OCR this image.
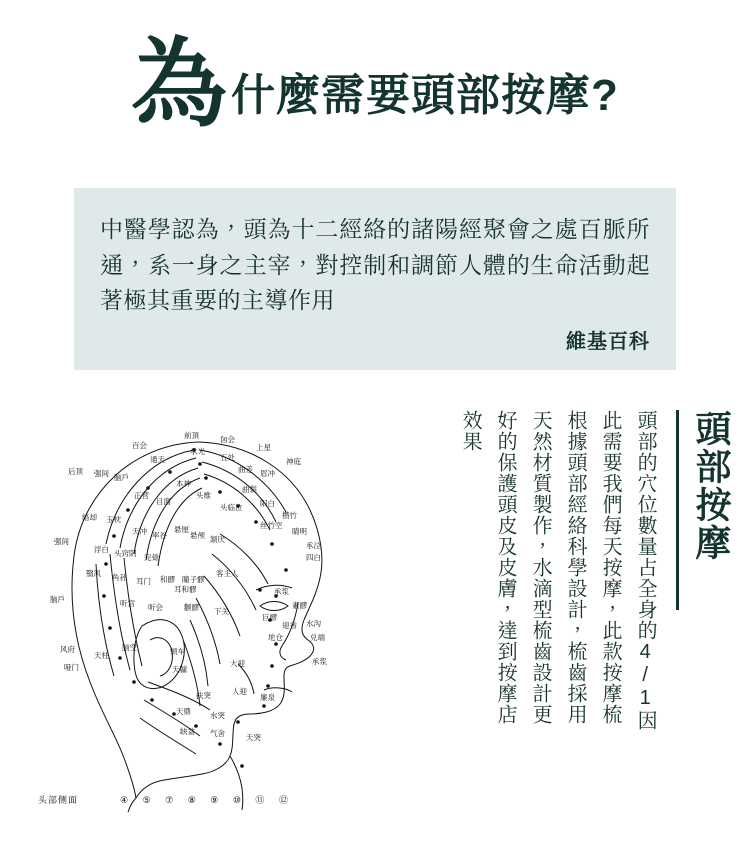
為 什麼需要頭部按摩?
中醫學認為，頭為十二經絡的諸陽經聚會之處百脈所通，系一身之主宰，對控制和調節人體的生命活動起著極其重要的主導作用
維基百科
頭部的穴位數量占全身的4/1因此需要我們每天按摩，此款按摩梳根據頭部經絡科學設計，梳齒採用天然材質製作，水滴型梳齒設計更好的保護頭皮及皮膚，達到按摩店效果	頭部按摩
前頂	囟会
上星
神庭
百会
通天
承光
五处
曲差 眉冲
后顶 强间 脑户
强间
脑户
风府
哑门
天柱
络却 玉枕
正营
目窗
本神
头维
头临泣
曲鬓
阳白
攒竹
丝竹空
睛明
承泣
四白
天冲 率谷
悬厘
悬颅 颔厌
浮白 头窍阴 完骨
翳风 角孙 耳门 和髎 瞳子髎
客主人
听宫 听会	颧髎 下关
承浆
素髎
巨髎
迎香 水沟
兑端
地仓
承浆
脑空	颊车
天牖
大迎
人迎
廉泉
扶突
天鼎	水突
缺盆 气舍	天突
耳和髎
头部侧面	④ ⑤ ⑦ ⑧ ⑨ ⑩ ⑪ ⑫
